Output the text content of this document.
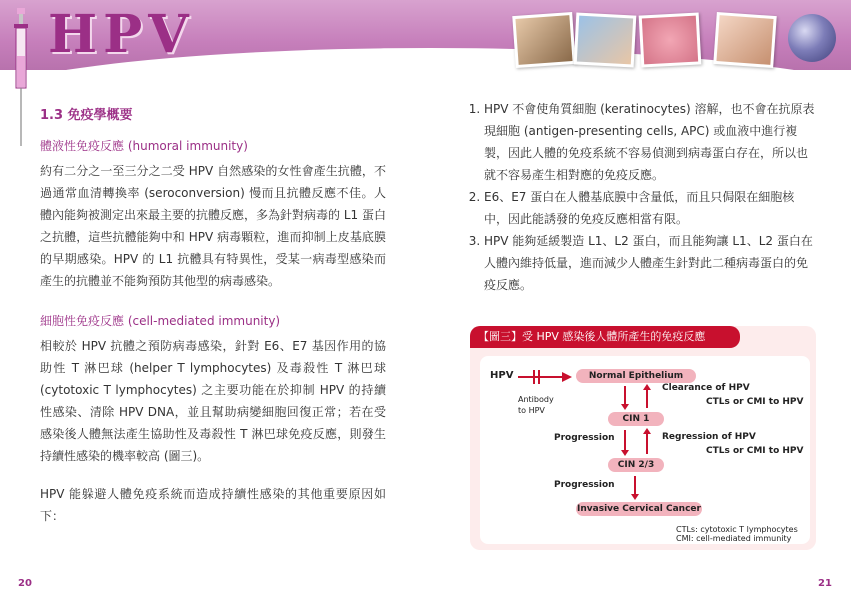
HPV
1.3 免疫學概要
體液性免疫反應 (humoral immunity)

約有二分之一至三分之二受 HPV 自然感染的女性會產生抗體，不過通常血清轉換率 (seroconversion) 慢而且抗體反應不佳。人體內能夠被測定出來最主要的抗體反應，多為針對病毒的 L1 蛋白之抗體，這些抗體能夠中和 HPV 病毒顆粒，進而抑制上皮基底膜的早期感染。HPV 的 L1 抗體具有特異性，受某一病毒型感染而產生的抗體並不能夠預防其他型的病毒感染。

細胞性免疫反應 (cell-mediated immunity)

相較於 HPV 抗體之預防病毒感染，針對 E6、E7 基因作用的協助性 T 淋巴球 (helper T lymphocytes) 及毒殺性 T 淋巴球 (cytotoxic T lymphocytes) 之主要功能在於抑制 HPV 的持續性感染、清除 HPV DNA，並且幫助病變細胞回復正常；若在受感染後人體無法產生協助性及毒殺性 T 淋巴球免疫反應，則發生持續性感染的機率較高 (圖三)。

HPV 能躲避人體免疫系統而造成持續性感染的其他重要原因如下：

1. HPV 不會使角質細胞 (keratinocytes) 溶解，也不會在抗原表現細胞 (antigen-presenting cells, APC) 或血液中進行複製，因此人體的免疫系統不容易偵測到病毒蛋白存在，所以也就不容易產生相對應的免疫反應。
2. E6、E7 蛋白在人體基底膜中含量低，而且只侷限在細胞核中，因此能誘發的免疫反應相當有限。
3. HPV 能夠延緩製造 L1、L2 蛋白，而且能夠讓 L1、L2 蛋白在人體內維持低量，進而減少人體產生針對此二種病毒蛋白的免疫反應。
【圖三】受 HPV 感染後人體所產生的免疫反應
HPV
Antibody
to HPV
Normal Epithelium
CIN 1
CIN 2/3
Invasive Cervical Cancer
Clearance of HPV
CTLs or CMI to HPV
Progression	Regression of HPV
CTLs or CMI to HPV
Progression
CTLs: cytotoxic T lymphocytes
CMI: cell-mediated immunity
20	21
